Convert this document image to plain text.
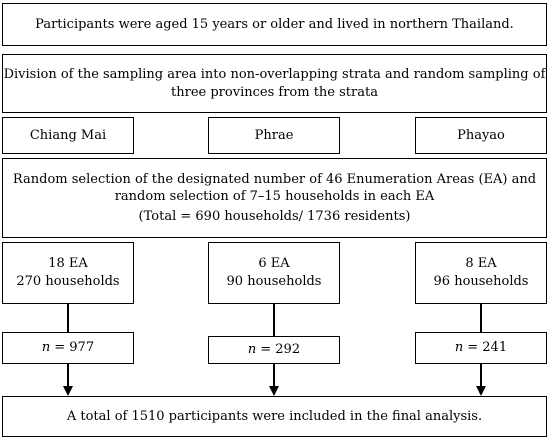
Participants were aged 15 years or older and lived in northern Thailand.
Division of the sampling area into non-overlapping strata and random sampling of
three provinces from the strata
Chiang Mai	Phrae	Phayao
Random selection of the designated number of 46 Enumeration Areas (EA) and
random selection of 7–15 households in each EA
(Total = 690 households/ 1736 residents)
18 EA
270 households
6 EA
90 households
8 EA
96 households
n = 977	n = 292	n = 241
A total of 1510 participants were included in the final analysis.
